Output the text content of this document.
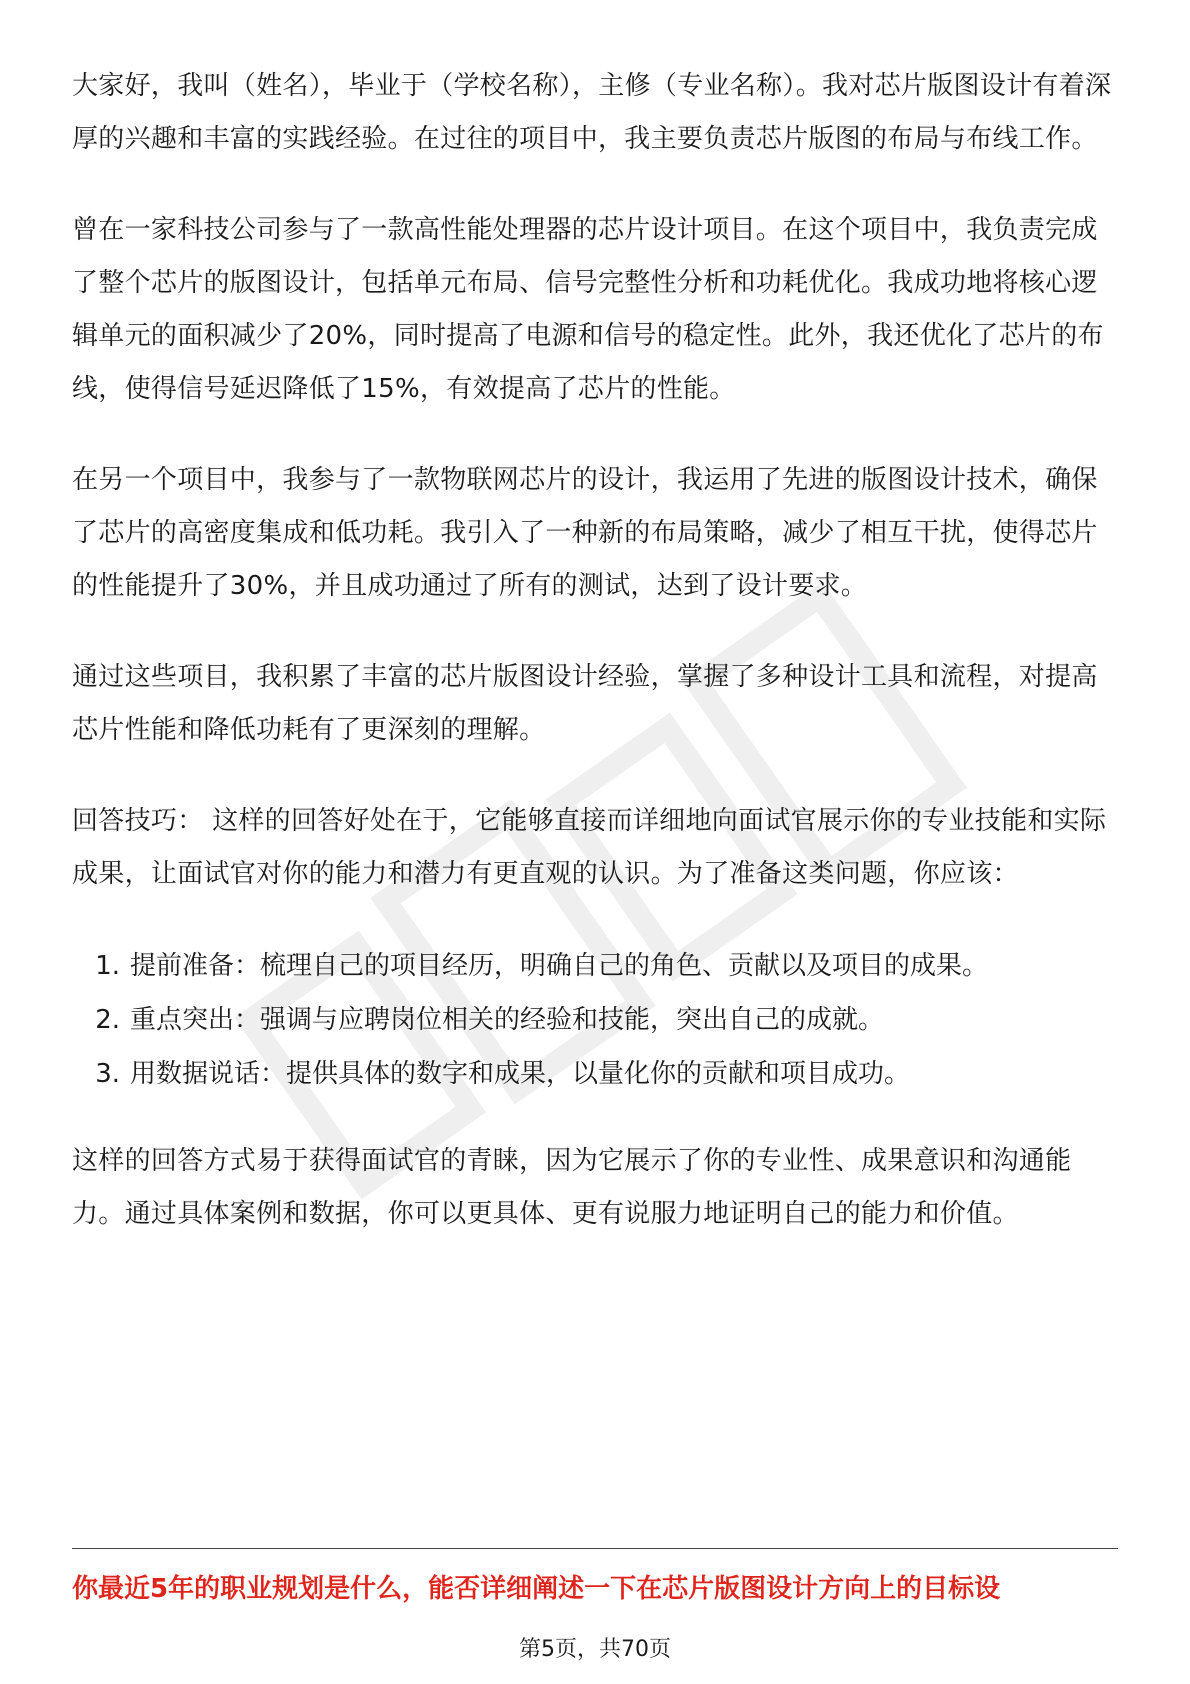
大家好，我叫（姓名），毕业于（学校名称），主修（专业名称）。我对芯片版图设计有着深厚的兴趣和丰富的实践经验。在过往的项目中，我主要负责芯片版图的布局与布线工作。

曾在一家科技公司参与了一款高性能处理器的芯片设计项目。在这个项目中，我负责完成了整个芯片的版图设计，包括单元布局、信号完整性分析和功耗优化。我成功地将核心逻辑单元的面积减少了20%，同时提高了电源和信号的稳定性。此外，我还优化了芯片的布线，使得信号延迟降低了15%，有效提高了芯片的性能。

在另一个项目中，我参与了一款物联网芯片的设计，我运用了先进的版图设计技术，确保了芯片的高密度集成和低功耗。我引入了一种新的布局策略，减少了相互干扰，使得芯片的性能提升了30%，并且成功通过了所有的测试，达到了设计要求。

通过这些项目，我积累了丰富的芯片版图设计经验，掌握了多种设计工具和流程，对提高芯片性能和降低功耗有了更深刻的理解。

回答技巧： 这样的回答好处在于，它能够直接而详细地向面试官展示你的专业技能和实际成果，让面试官对你的能力和潜力有更直观的认识。为了准备这类问题，你应该：

1. 提前准备：梳理自己的项目经历，明确自己的角色、贡献以及项目的成果。
2. 重点突出：强调与应聘岗位相关的经验和技能，突出自己的成就。
3. 用数据说话：提供具体的数字和成果，以量化你的贡献和项目成功。

这样的回答方式易于获得面试官的青睐，因为它展示了你的专业性、成果意识和沟通能力。通过具体案例和数据，你可以更具体、更有说服力地证明自己的能力和价值。

你最近5年的职业规划是什么，能否详细阐述一下在芯片版图设计方向上的目标设
第5页，共70页
